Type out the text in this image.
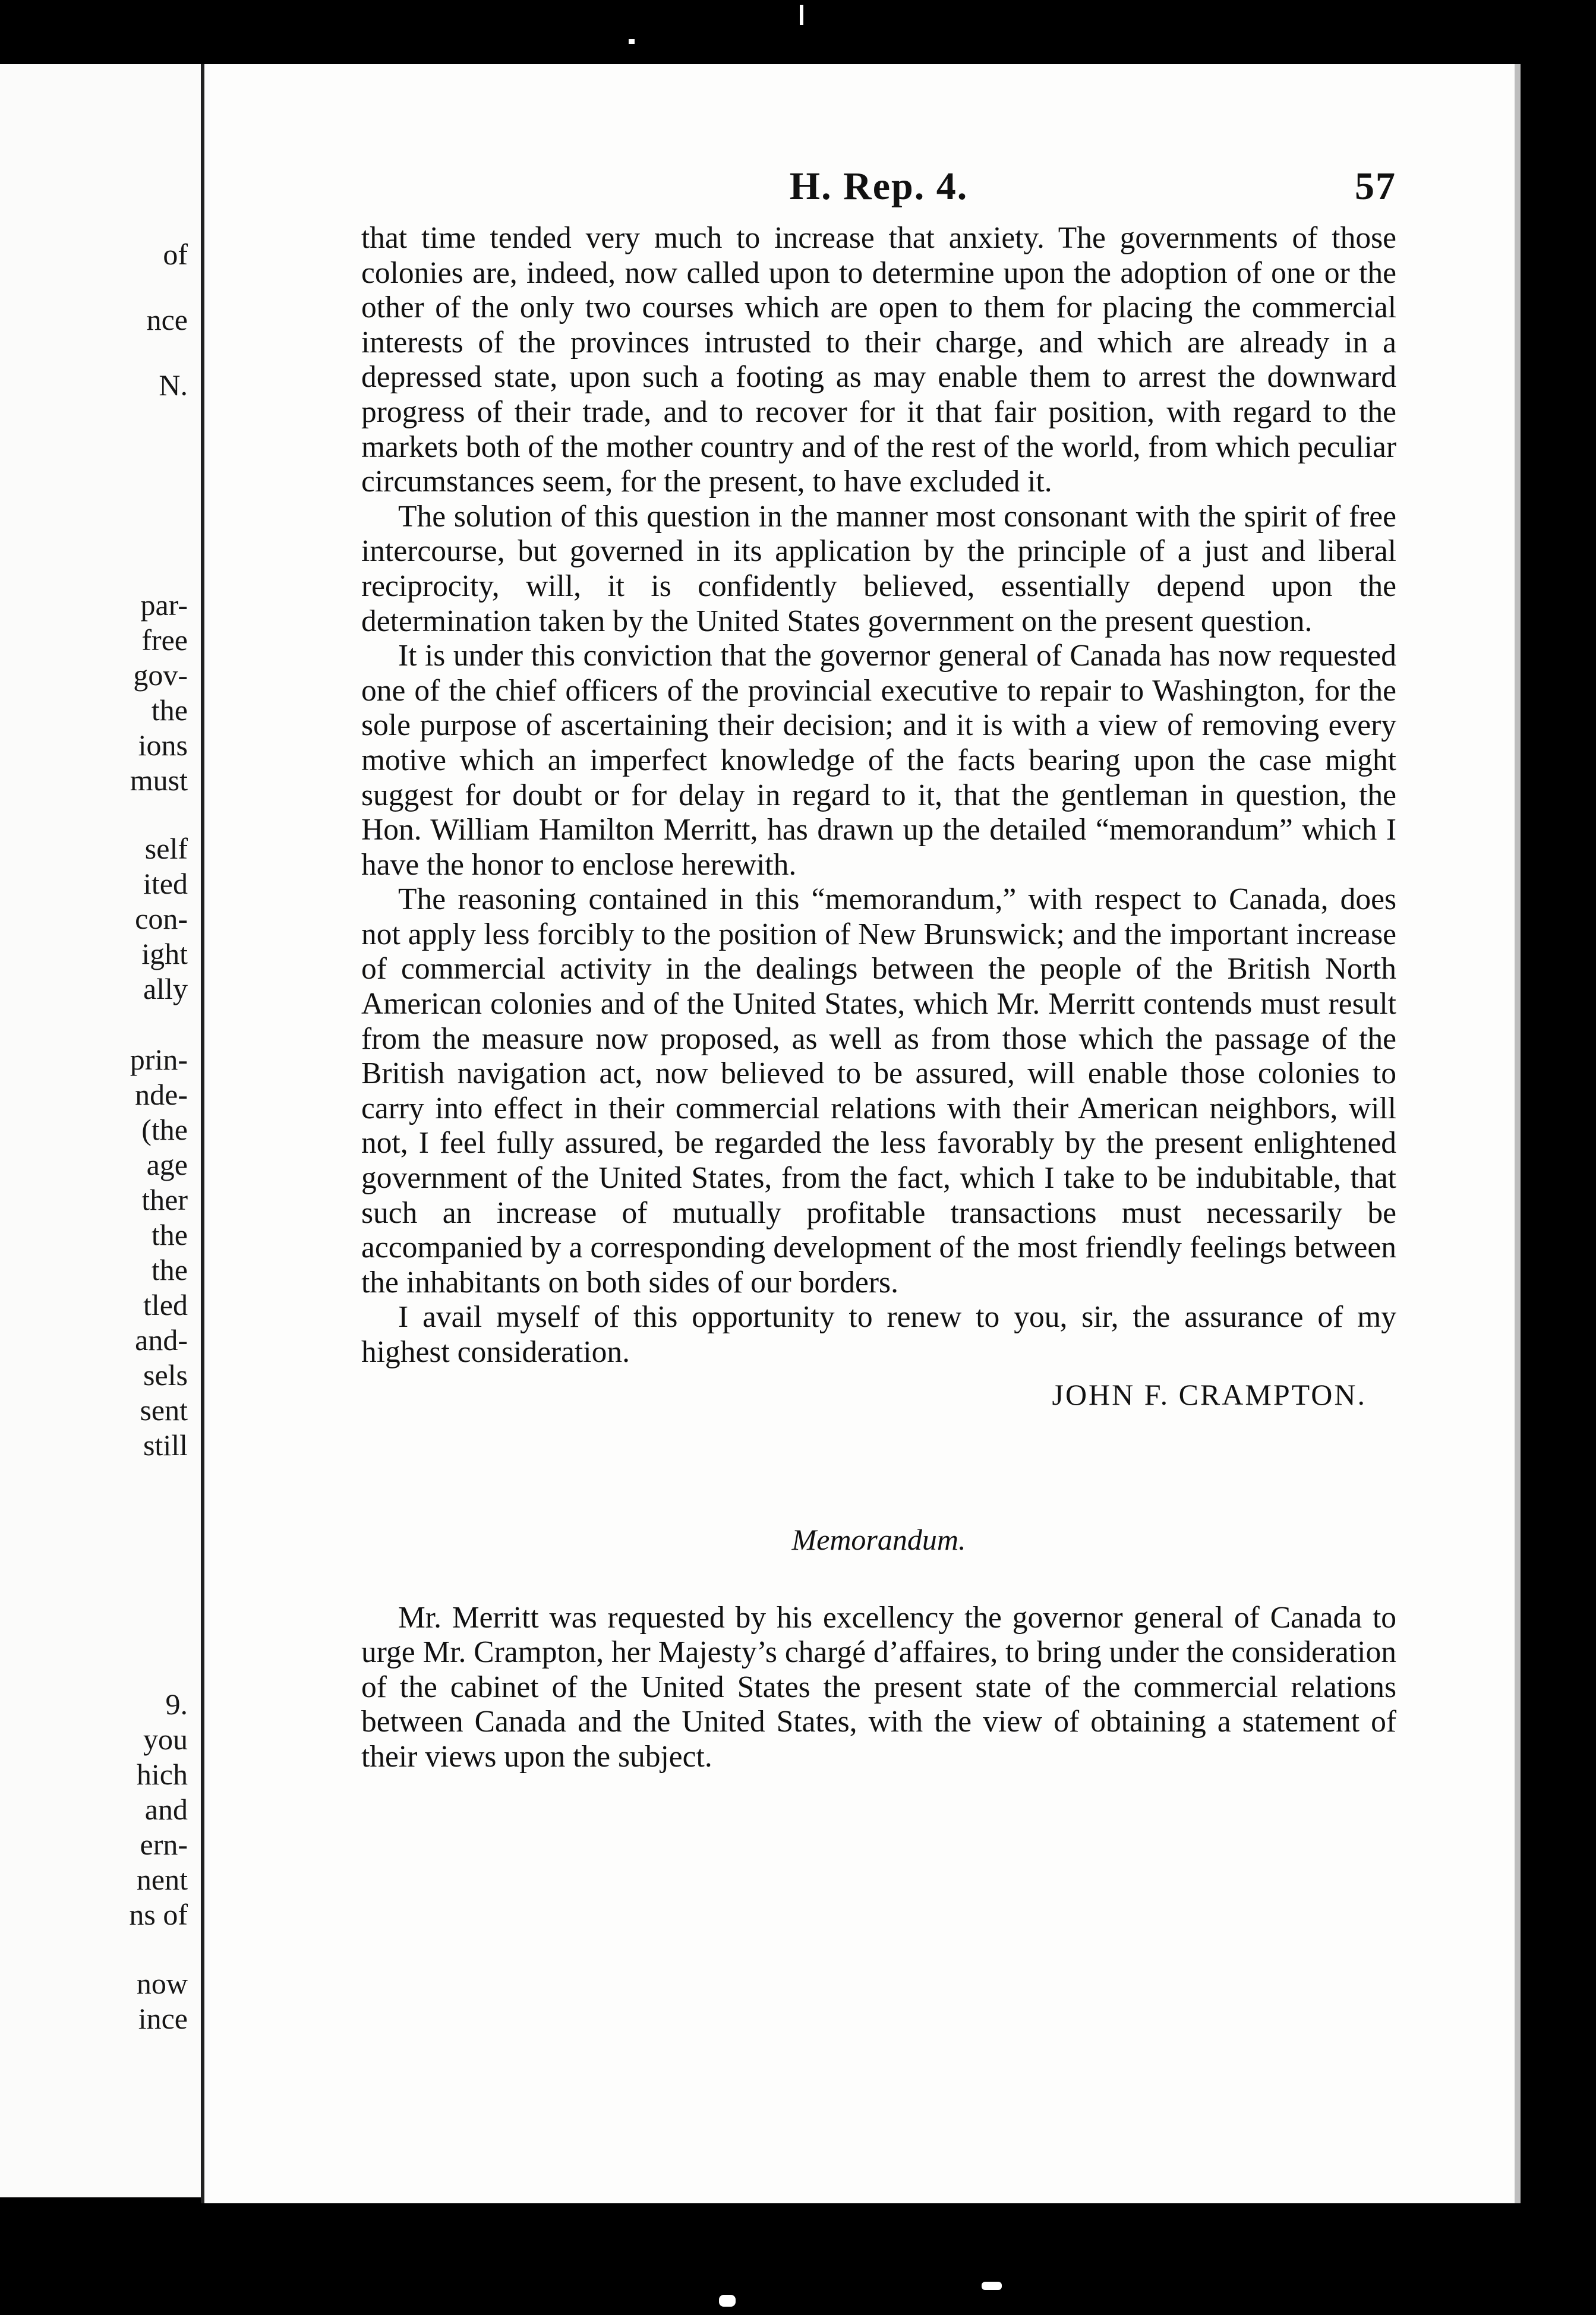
of
nce
N.
par-
free
gov-
the
ions
must
self
ited
con-
ight
ally
prin-
nde-
(the
age
ther
the
the
tled
and-
sels
sent
still
9.
you
hich
and
ern-
nent
ns of
now
ince
H. Rep. 4.	57

that time tended very much to increase that anxiety. The governments of those colonies are, indeed, now called upon to determine upon the adoption of one or the other of the only two courses which are open to them for placing the commercial interests of the provinces intrusted to their charge, and which are already in a depressed state, upon such a footing as may enable them to arrest the downward progress of their trade, and to recover for it that fair position, with regard to the markets both of the mother country and of the rest of the world, from which peculiar circumstances seem, for the present, to have excluded it.

The solution of this question in the manner most consonant with the spirit of free intercourse, but governed in its application by the principle of a just and liberal reciprocity, will, it is confidently believed, essentially depend upon the determination taken by the United States government on the present question.

It is under this conviction that the governor general of Canada has now requested one of the chief officers of the provincial executive to repair to Washington, for the sole purpose of ascertaining their decision; and it is with a view of removing every motive which an imperfect knowledge of the facts bearing upon the case might suggest for doubt or for delay in regard to it, that the gentleman in question, the Hon. William Hamilton Merritt, has drawn up the detailed “memorandum” which I have the honor to enclose herewith.

The reasoning contained in this “memorandum,” with respect to Canada, does not apply less forcibly to the position of New Brunswick; and the important increase of commercial activity in the dealings between the people of the British North American colonies and of the United States, which Mr. Merritt contends must result from the measure now proposed, as well as from those which the passage of the British navigation act, now believed to be assured, will enable those colonies to carry into effect in their commercial relations with their American neighbors, will not, I feel fully assured, be regarded the less favorably by the present enlightened government of the United States, from the fact, which I take to be indubitable, that such an increase of mutually profitable transactions must necessarily be accompanied by a corresponding development of the most friendly feelings between the inhabitants on both sides of our borders.

I avail myself of this opportunity to renew to you, sir, the assurance of my highest consideration.

JOHN F. CRAMPTON.
Memorandum.

Mr. Merritt was requested by his excellency the governor general of Canada to urge Mr. Crampton, her Majesty’s chargé d’affaires, to bring under the consideration of the cabinet of the United States the present state of the commercial relations between Canada and the United States, with the view of obtaining a statement of their views upon the subject.
